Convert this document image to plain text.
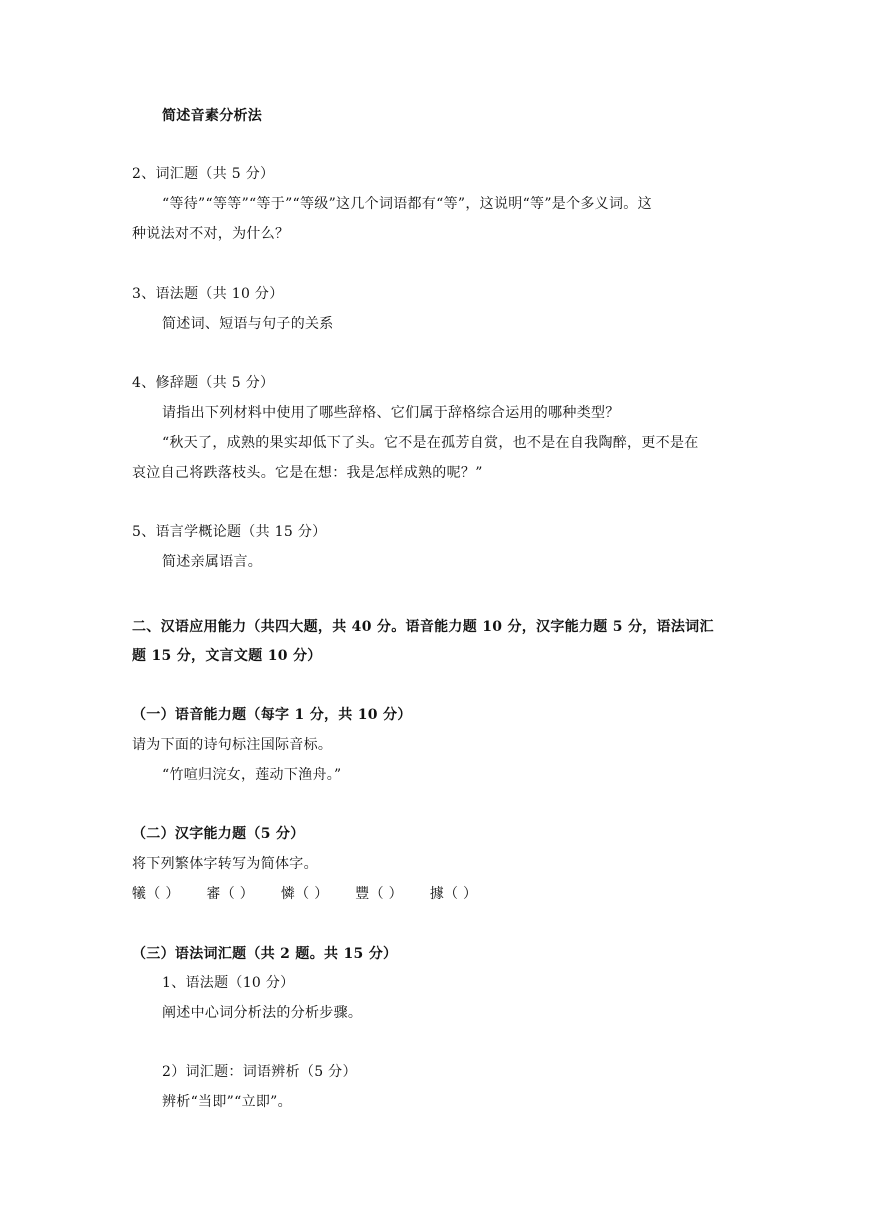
简述音素分析法
2、词汇题（共 5 分）
“等待”“等等”“等于”“等级”这几个词语都有“等”，这说明“等”是个多义词。这
种说法对不对，为什么？
3、语法题（共 10 分）
简述词、短语与句子的关系
4、修辞题（共 5 分）
请指出下列材料中使用了哪些辞格、它们属于辞格综合运用的哪种类型？
“秋天了，成熟的果实却低下了头。它不是在孤芳自赏，也不是在自我陶醉，更不是在
哀泣自己将跌落枝头。它是在想：我是怎样成熟的呢？”
5、语言学概论题（共 15 分）
简述亲属语言。
二、汉语应用能力（共四大题，共 40 分。语音能力题 10 分，汉字能力题 5 分，语法词汇
题 15 分，文言文题 10 分）
（一）语音能力题（每字 1 分，共 10 分）
请为下面的诗句标注国际音标。
“竹喧归浣女，莲动下渔舟。”
（二）汉字能力题（5 分）
将下列繁体字转写为简体字。
犧（ ） 審（ ） 憐（ ） 豐（ ） 據（ ）
（三）语法词汇题（共 2 题。共 15 分）
1、语法题（10 分）
阐述中心词分析法的分析步骤。
2）词汇题：词语辨析（5 分）
辨析“当即”“立即”。
